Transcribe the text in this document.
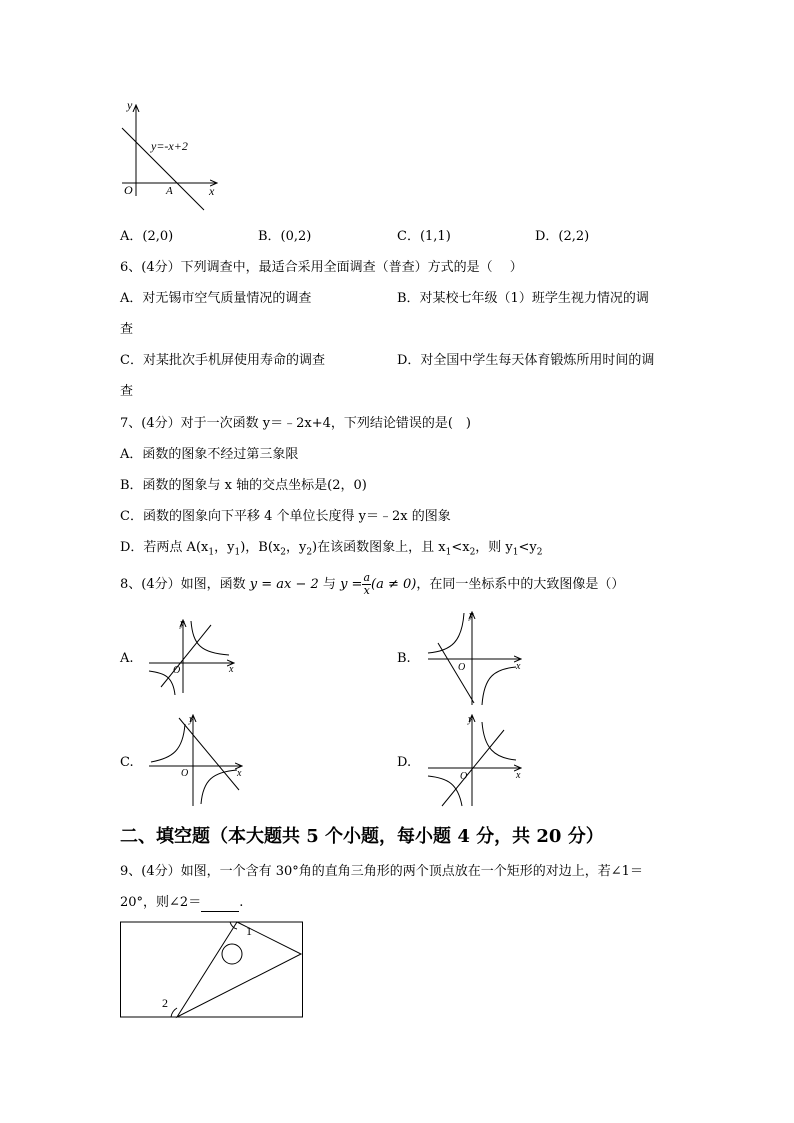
y
x
O	A
y=-x+2
A．(2,0)	B．(0,2)	C．(1,1)	D．(2,2)
6、(4分）下列调查中，最适合采用全面调查（普查）方式的是（　 ）
A．对无锡市空气质量情况的调查	B．对某校七年级（1）班学生视力情况的调
查
C．对某批次手机屏使用寿命的调查	D．对全国中学生每天体育锻炼所用时间的调
查
7、(4分）对于一次函数 y＝﹣2x+4，下列结论错误的是(　)
A．函数的图象不经过第三象限
B．函数的图象与 x 轴的交点坐标是(2，0)
C．函数的图象向下平移 4 个单位长度得 y＝﹣2x 的图象
D．若两点 $A(x_1$，$y_1$)，$B(x_2$，$y_2$)在该函数图象上，且 $x_1<x_2$，则 $y_1<y_2$
8、(4分）如图，函数 y = ax − 2 与 $y = \frac{a}{x} (a \ne 0)$，在同一坐标系中的大致图像是（）
A.	B.
C.	D.
y
x
O
y
x
O
y
x
O
y
x
O
二、填空题（本大题共 5 个小题，每小题 4 分，共 20 分）
9、(4分）如图，一个含有 30°角的直角三角形的两个顶点放在一个矩形的对边上，若∠1＝
20°，则∠2＝	.
1
2
